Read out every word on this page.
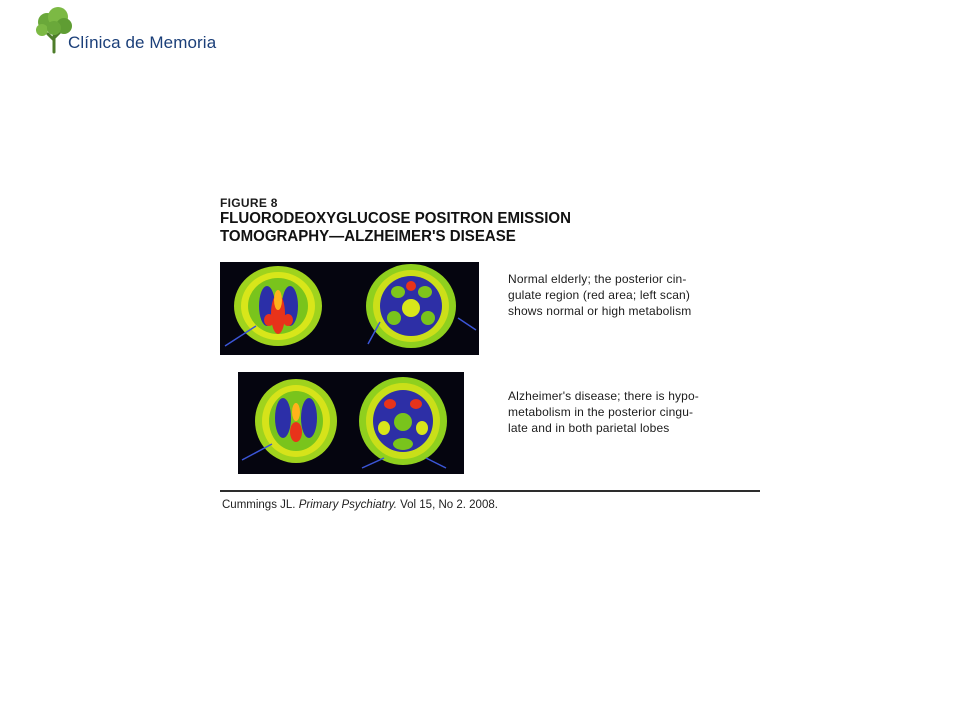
Clínica de Memoria
FIGURE 8
FLUORODEOXYGLUCOSE POSITRON EMISSION
TOMOGRAPHY—ALZHEIMER'S DISEASE
Normal elderly; the posterior cin-
gulate region (red area; left scan)
shows normal or high metabolism
Alzheimer's disease; there is hypo-
metabolism in the posterior cingu-
late and in both parietal lobes
Cummings JL. Primary Psychiatry. Vol 15, No 2. 2008.
